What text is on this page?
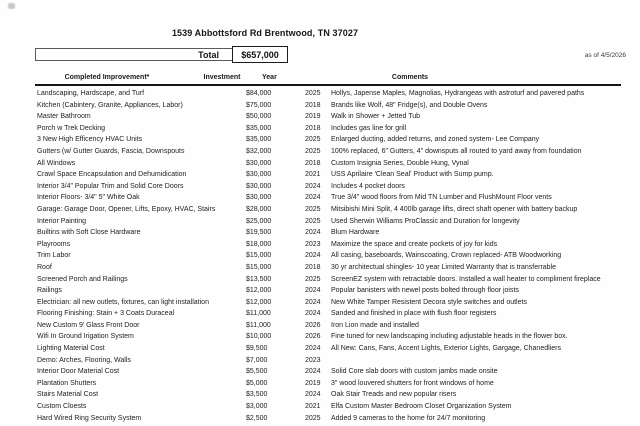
1539 Abbottsford Rd Brentwood, TN 37027
Total	$657,000	as of 4/5/2026
Completed Improvement*	Investment	Year	Comments
Landscaping, Hardscape, and Turf	$84,000	2025	Hollys, Japense Maples, Magnolias, Hydrangeas with astroturf and pavered paths
Kitchen (Cabintery, Granite, Appliances, Labor)	$75,000	2018	Brands like Wolf, 48" Fridge(s), and Double Ovens
Master Bathroom	$50,000	2019	Walk in Shower + Jetted Tub
Porch w Trek Decking	$35,000	2018	Includes gas line for grill
3 New High Efficency HVAC Units	$35,000	2025	Enlarged ducting, added returns, and zoned system- Lee Company
Gutters (w/ Gutter Guards, Fascia, Downspouts	$32,000	2025	100% replaced, 6" Gutters, 4" downsputs all routed to yard away from foundation
All Windows	$30,000	2018	Custom Insignia Series, Double Hung, Vynal
Crawl Space Encapsulation and Dehumidication	$30,000	2021	USS Aprilaire 'Clean Seal' Product with Sump pump.
Interior 3/4" Popular Trim and Solid Core Doors	$30,000	2024	Includes 4 pocket doors
Interior Floors- 3/4" 5" White Oak	$30,000	2024	True 3/4" wood floors from Mid TN Lumber and FlushMount Floor vents
Garage: Garage Door, Opener, Lifts, Epoxy, HVAC, Stairs	$28,000	2025	Mitsibishi Mini Split, 4 400lb garage lifts, direct shaft opener with battery backup
Interior Painting	$25,000	2025	Used Sherwin Williams ProClassic and Duration for longevity
Builtins with Soft Close Hardware	$19,500	2024	Blum Hardware
Playrooms	$18,000	2023	Maximize the space and create pockets of joy for kids
Trim Labor	$15,000	2024	All casing, baseboards, Wainscoating, Crown replaced- ATB Woodworking
Roof	$15,000	2018	30 yr architectual shingles- 10 year Limited Warranty that is transferrable
Screened Porch and Railings	$13,500	2025	ScreenEZ system with retractable doors. Installed a wall heater to compliment fireplace
Railings	$12,000	2024	Popular banisters with newel posts bolted through floor joists
Electrician: all new outlets, fixtures, can light installation	$12,000	2024	New White Tamper Resistent Decora style switches and outlets
Flooring Finishing: Stain + 3 Coats Duraceal	$11,000	2024	Sanded and finished in place with flush floor registers
New Custom 9' Glass Front Door	$11,000	2026	Iron Lion made and installed
Wifi In Ground Irigation System	$10,000	2026	Fine tuned for new landscaping including adjustable heads in the flower box.
Lighting Material Cost	$9,500	2024	All New: Cans, Fans, Accent Lights, Exterior Lights, Gargage, Chanedliers
Demo: Arches, Flooring, Walls	$7,000	2023
Interior Door Material Cost	$5,500	2024	Solid Core slab doors with custom jambs made onsite
Plantation Shutters	$5,000	2019	3" wood louvered shutters for front windows of home
Stairs Material Cost	$3,500	2024	Oak Stair Treads and new popular risers
Custom Cloests	$3,000	2021	Elfa Custom Master Bedroom Closet Organization System
Hard Wired Ring Security System	$2,500	2025	Added 9 cameras to the home for 24/7 monitoring
